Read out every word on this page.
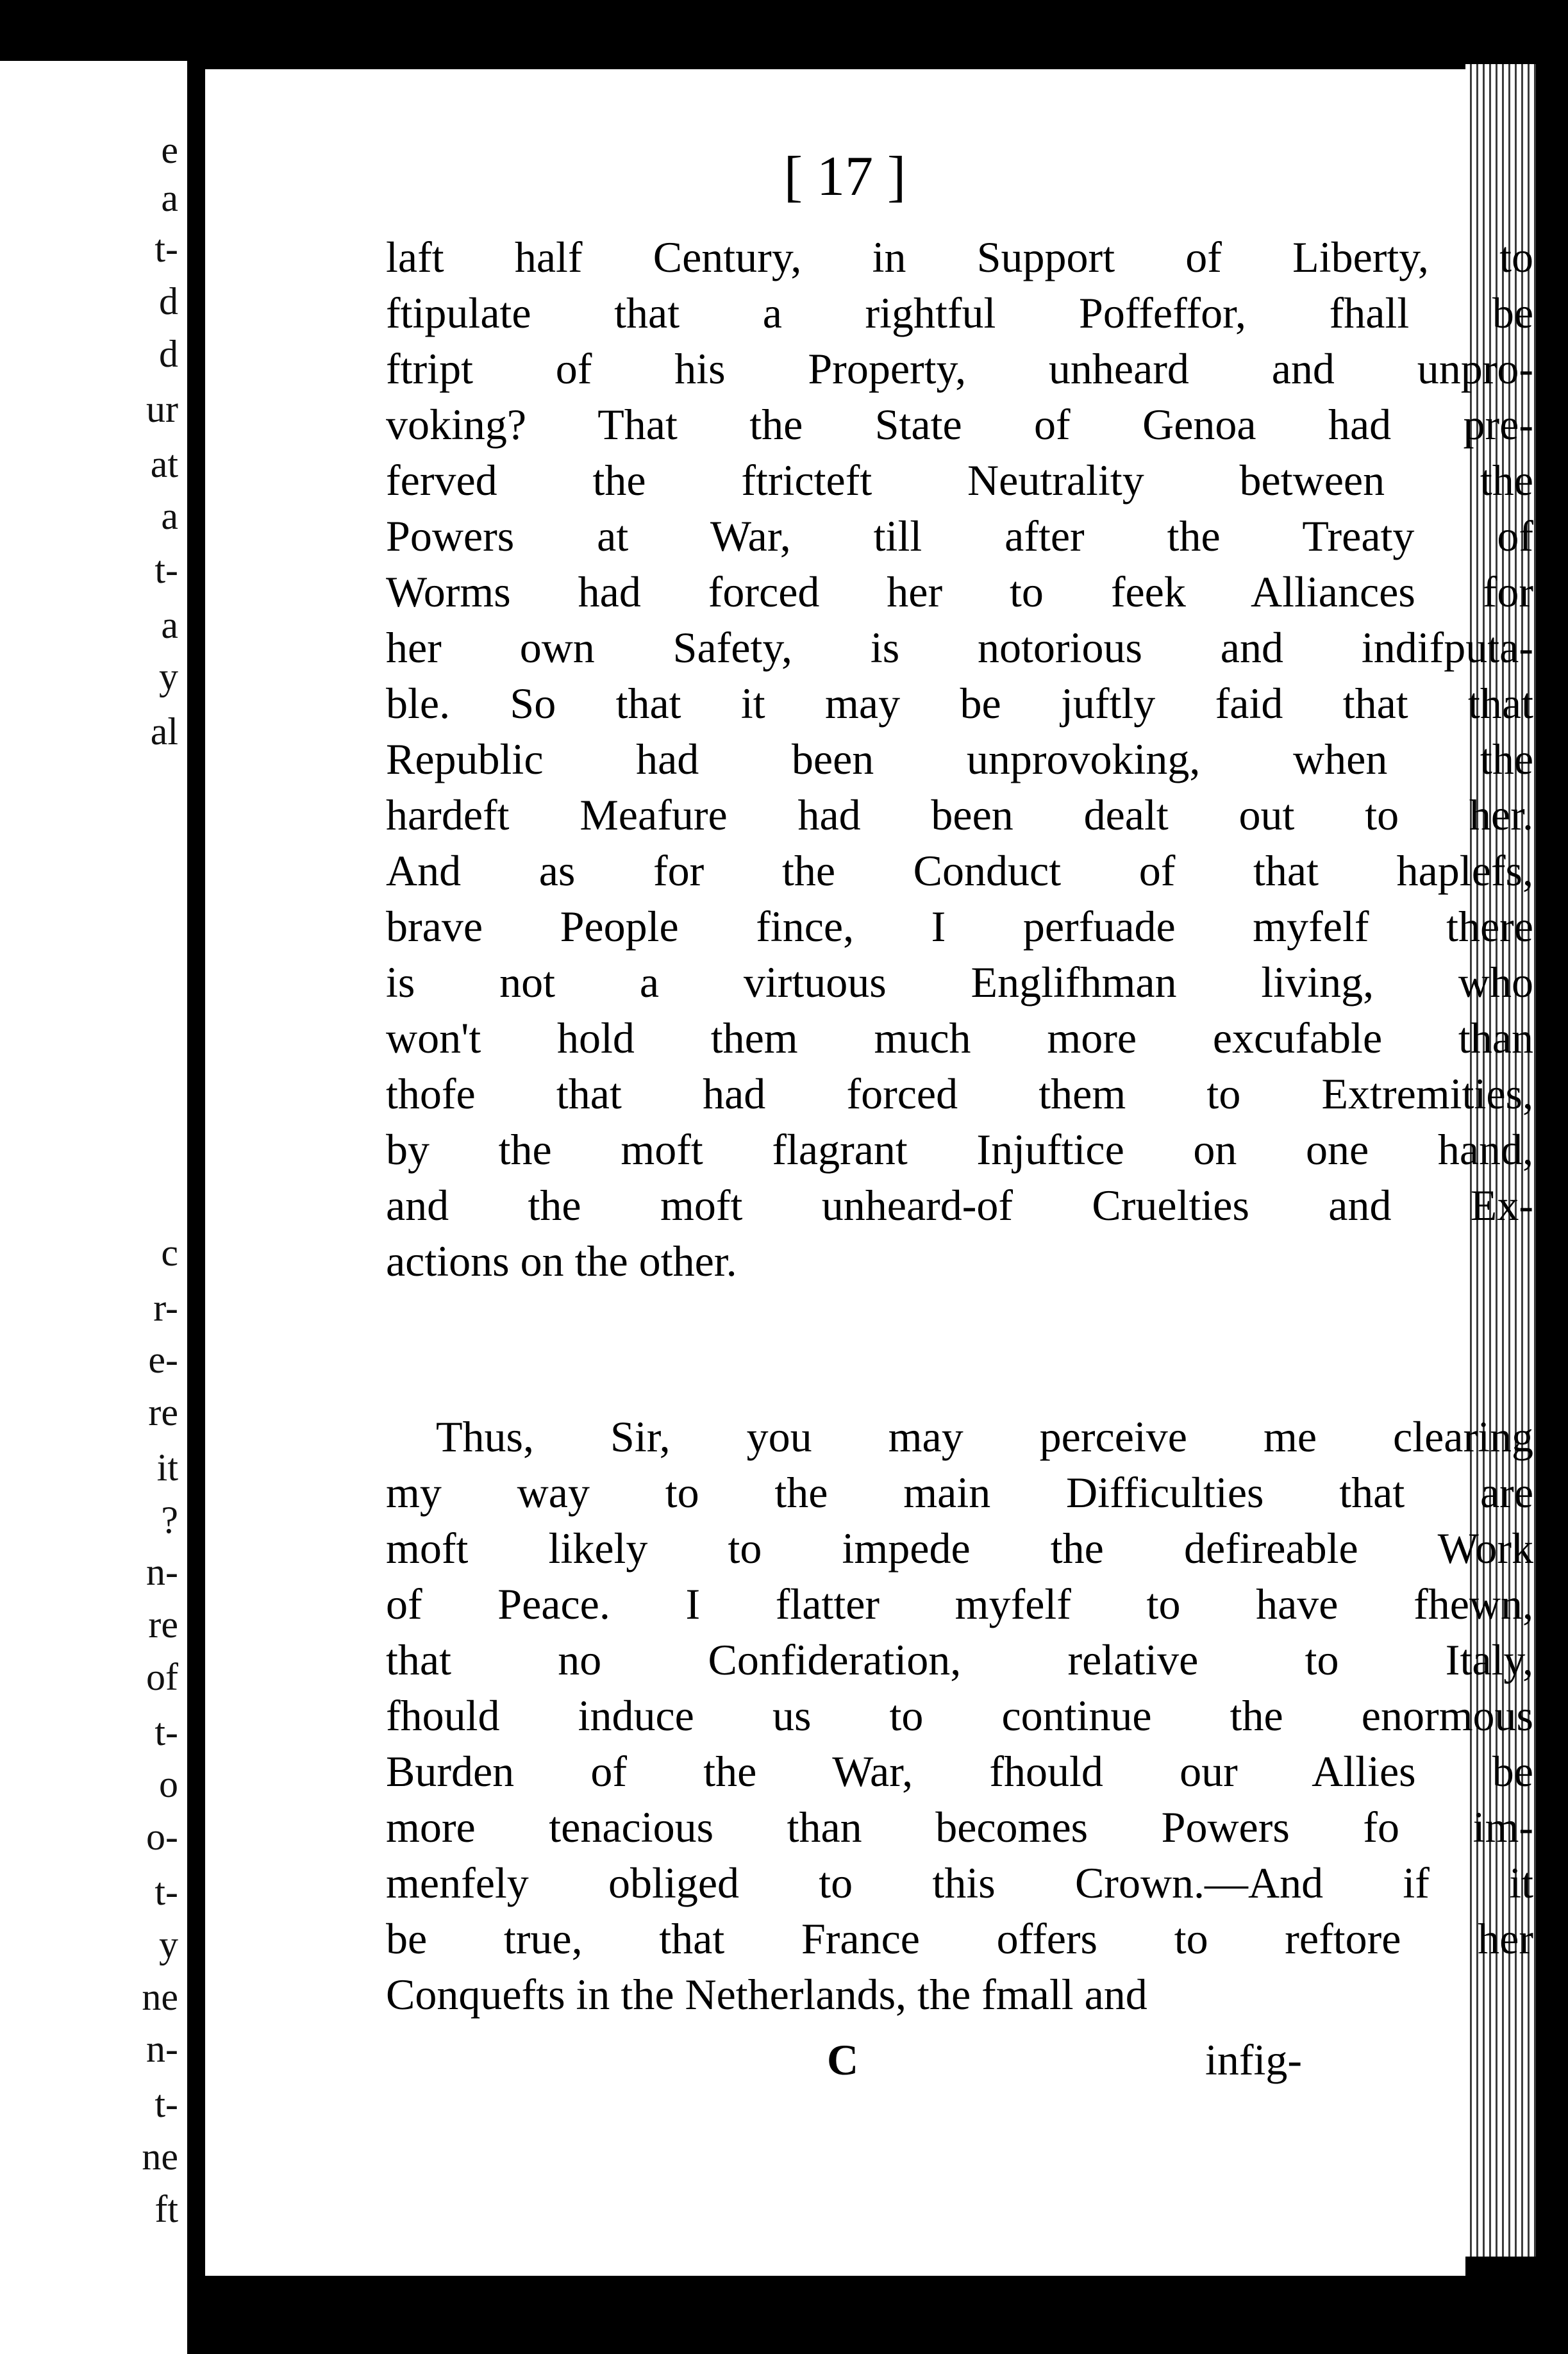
e
a
t-
d
d
ur
at
a
t-
a
y
al
c
r-
e-
re
it
?
n-
re
of
t-
o
o-
t-
y
ne
n-
t-
ne
ft
[ 17 ]
laft half Century, in Support of Liberty, to
ftipulate that a rightful Poffeffor, fhall be
ftript of his Property, unheard and unpro-
voking? That the State of Genoa had pre-
ferved the ftricteft Neutrality between the
Powers at War, till after the Treaty of
Worms had forced her to feek Alliances for
her own Safety, is notorious and indifputa-
ble. So that it may be juftly faid that that
Republic had been unprovoking, when the
hardeft Meafure had been dealt out to her.
And as for the Conduct of that haplefs,
brave People fince, I perfuade myfelf there
is not a virtuous Englifhman living, who
won't hold them much more excufable than
thofe that had forced them to Extremities,
by the moft flagrant Injuftice on one hand,
and the moft unheard-of Cruelties and Ex-
actions on the other.
Thus, Sir, you may perceive me clearing
my way to the main Difficulties that are
moft likely to impede the defireable Work
of Peace. I flatter myfelf to have fhewn,
that no Confideration, relative to Italy,
fhould induce us to continue the enormous
Burden of the War, fhould our Allies be
more tenacious than becomes Powers fo im-
menfely obliged to this Crown.—And if it
be true, that France offers to reftore her
Conquefts in the Netherlands, the fmall and
C	infig-
